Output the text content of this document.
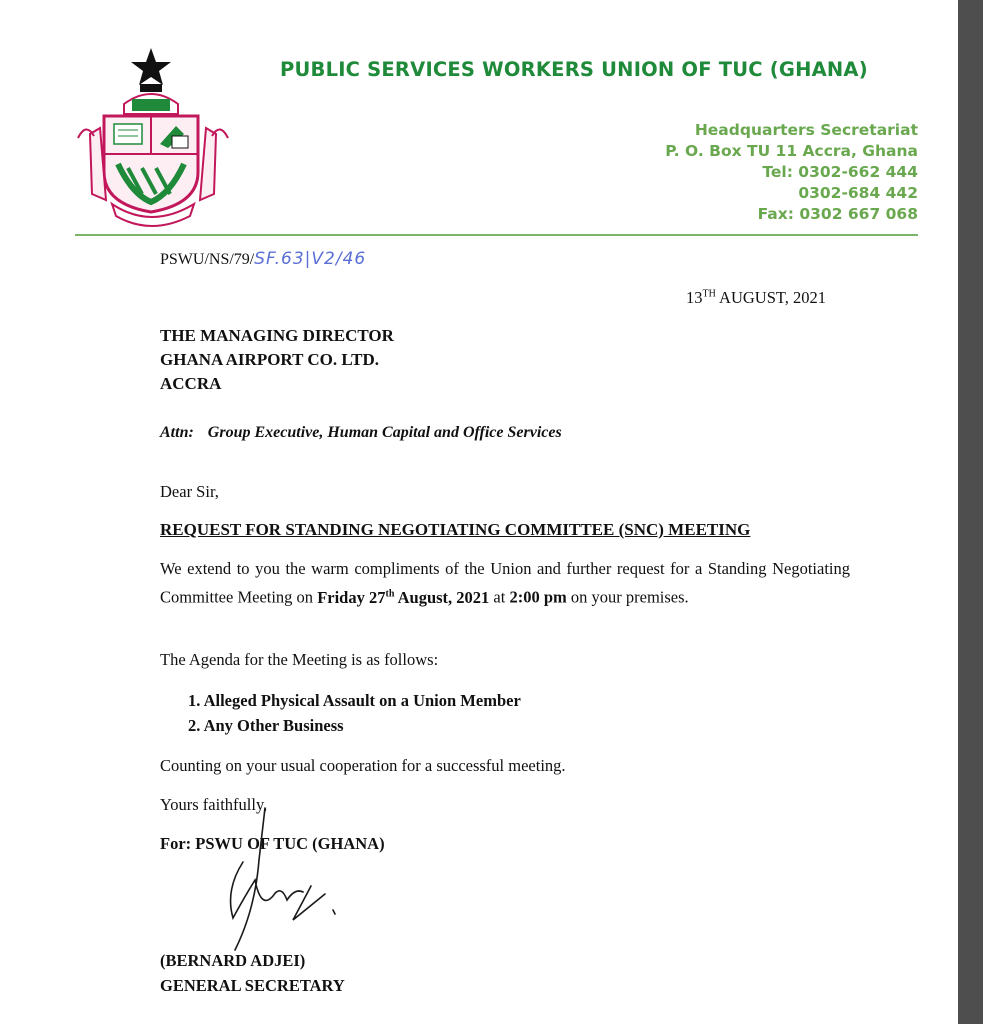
PUBLIC SERVICES WORKERS UNION OF TUC (GHANA)
Headquarters Secretariat
P. O. Box TU 11 Accra, Ghana
Tel: 0302-662 444
0302-684 442
Fax: 0302 667 068
PSWU/NS/79/SF.63|V2/46
13TH AUGUST, 2021
THE MANAGING DIRECTOR
GHANA AIRPORT CO. LTD.
ACCRA
Attn: Group Executive, Human Capital and Office Services
Dear Sir,
REQUEST FOR STANDING NEGOTIATING COMMITTEE (SNC) MEETING
We extend to you the warm compliments of the Union and further request for a Standing Negotiating Committee Meeting on Friday 27th August, 2021 at 2:00 pm on your premises.
The Agenda for the Meeting is as follows:
1. Alleged Physical Assault on a Union Member
2. Any Other Business
Counting on your usual cooperation for a successful meeting.
Yours faithfully,
For: PSWU OF TUC (GHANA)
(BERNARD ADJEI)
GENERAL SECRETARY
